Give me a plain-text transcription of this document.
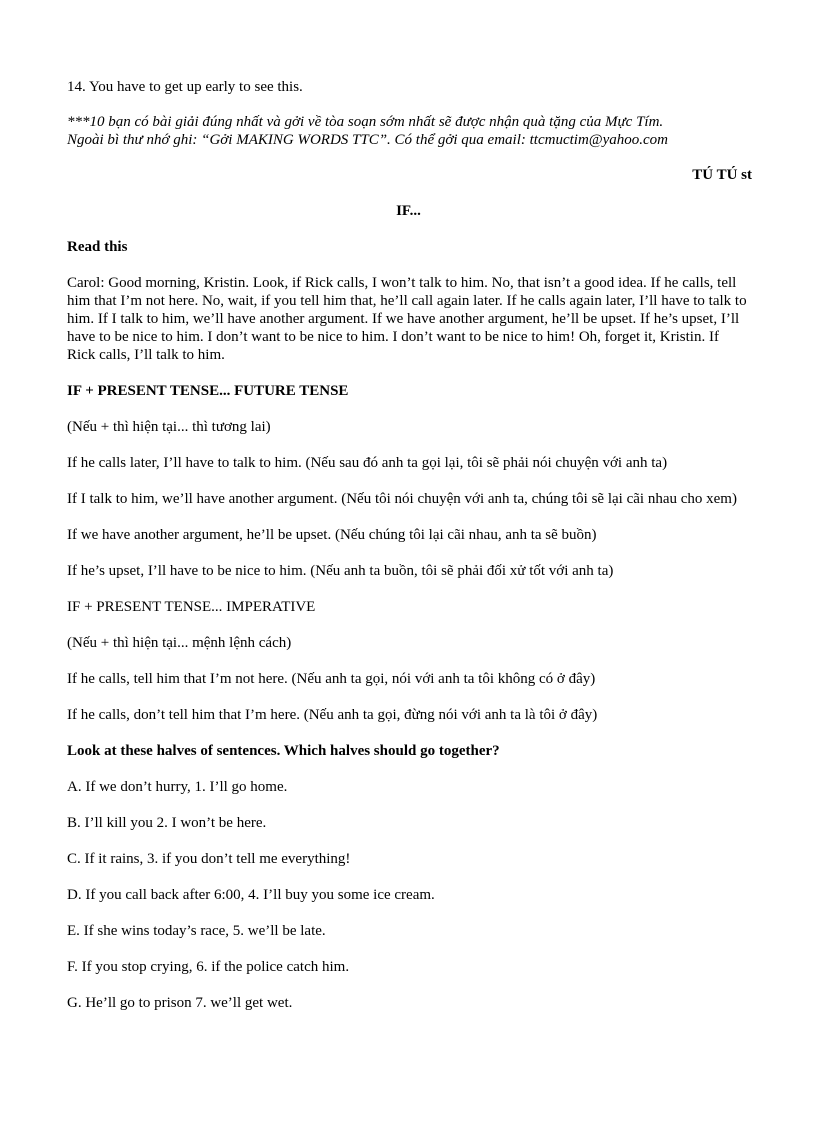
14. You have to get up early to see this.

***10 bạn có bài giải đúng nhất và gởi về tòa soạn sớm nhất sẽ được nhận quà tặng của Mực Tím.

Ngoài bì thư nhớ ghi: “Gởi MAKING WORDS TTC”. Có thể gởi qua email: ttcmuctim@yahoo.com

TÚ TÚ st

IF...

Read this

Carol: Good morning, Kristin. Look, if Rick calls, I won’t talk to him. No, that isn’t a good idea. If he calls, tell him that I’m not here. No, wait, if you tell him that, he’ll call again later. If he calls again later, I’ll have to talk to him. If I talk to him, we’ll have another argument. If we have another argument, he’ll be upset. If he’s upset, I’ll have to be nice to him. I don’t want to be nice to him. I don’t want to be nice to him! Oh, forget it, Kristin. If Rick calls, I’ll talk to him.

IF + PRESENT TENSE... FUTURE TENSE

(Nếu + thì hiện tại... thì tương lai)

If he calls later, I’ll have to talk to him. (Nếu sau đó anh ta gọi lại, tôi sẽ phải nói chuyện với anh ta)

If I talk to him, we’ll have another argument. (Nếu tôi nói chuyện với anh ta, chúng tôi sẽ lại cãi nhau cho xem)

If we have another argument, he’ll be upset. (Nếu chúng tôi lại cãi nhau, anh ta sẽ buồn)

If he’s upset, I’ll have to be nice to him. (Nếu anh ta buồn, tôi sẽ phải đối xử tốt với anh ta)

IF + PRESENT TENSE... IMPERATIVE

(Nếu + thì hiện tại... mệnh lệnh cách)

If he calls, tell him that I’m not here. (Nếu anh ta gọi, nói với anh ta tôi không có ở đây)

If he calls, don’t tell him that I’m here. (Nếu anh ta gọi, đừng nói với anh ta là tôi ở đây)

Look at these halves of sentences. Which halves should go together?

A. If we don’t hurry, 1. I’ll go home.

B. I’ll kill you 2. I won’t be here.

C. If it rains, 3. if you don’t tell me everything!

D. If you call back after 6:00, 4. I’ll buy you some ice cream.

E. If she wins today’s race, 5. we’ll be late.

F. If you stop crying, 6. if the police catch him.

G. He’ll go to prison 7. we’ll get wet.
